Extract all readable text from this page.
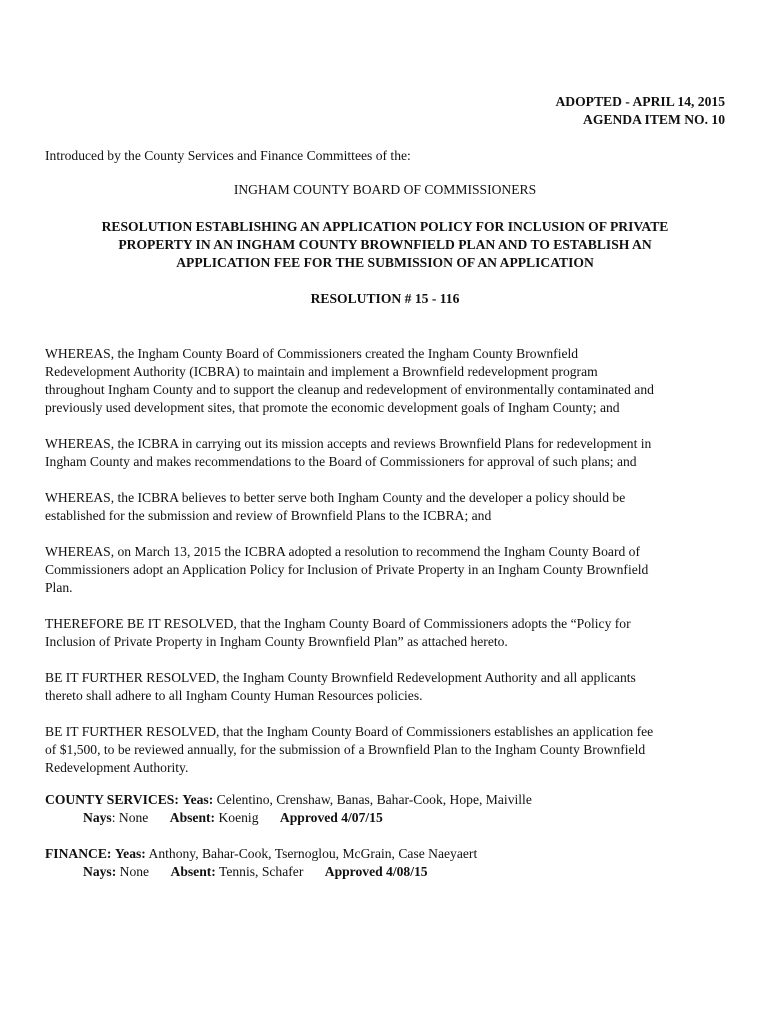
ADOPTED - APRIL 14, 2015
AGENDA ITEM NO. 10
Introduced by the County Services and Finance Committees of the:
INGHAM COUNTY BOARD OF COMMISSIONERS
RESOLUTION ESTABLISHING AN APPLICATION POLICY FOR INCLUSION OF PRIVATE
PROPERTY IN AN INGHAM COUNTY BROWNFIELD PLAN AND TO ESTABLISH AN
APPLICATION FEE FOR THE SUBMISSION OF AN APPLICATION
RESOLUTION # 15 - 116
WHEREAS, the Ingham County Board of Commissioners created the Ingham County Brownfield
Redevelopment Authority (ICBRA) to maintain and implement a Brownfield redevelopment program
throughout Ingham County and to support the cleanup and redevelopment of environmentally contaminated and
previously used development sites, that promote the economic development goals of Ingham County; and
WHEREAS, the ICBRA in carrying out its mission accepts and reviews Brownfield Plans for redevelopment in
Ingham County and makes recommendations to the Board of Commissioners for approval of such plans; and
WHEREAS, the ICBRA believes to better serve both Ingham County and the developer a policy should be
established for the submission and review of Brownfield Plans to the ICBRA; and
WHEREAS, on March 13, 2015 the ICBRA adopted a resolution to recommend the Ingham County Board of
Commissioners adopt an Application Policy for Inclusion of Private Property in an Ingham County Brownfield
Plan.
THEREFORE BE IT RESOLVED, that the Ingham County Board of Commissioners adopts the “Policy for
Inclusion of Private Property in Ingham County Brownfield Plan” as attached hereto.
BE IT FURTHER RESOLVED, the Ingham County Brownfield Redevelopment Authority and all applicants
thereto shall adhere to all Ingham County Human Resources policies.
BE IT FURTHER RESOLVED, that the Ingham County Board of Commissioners establishes an application fee
of $1,500, to be reviewed annually, for the submission of a Brownfield Plan to the Ingham County Brownfield
Redevelopment Authority.
COUNTY SERVICES: Yeas: Celentino, Crenshaw, Banas, Bahar-Cook, Hope, Maiville
Nays: None Absent: Koenig Approved 4/07/15
FINANCE: Yeas: Anthony, Bahar-Cook, Tsernoglou, McGrain, Case Naeyaert
Nays: None Absent: Tennis, Schafer Approved 4/08/15
